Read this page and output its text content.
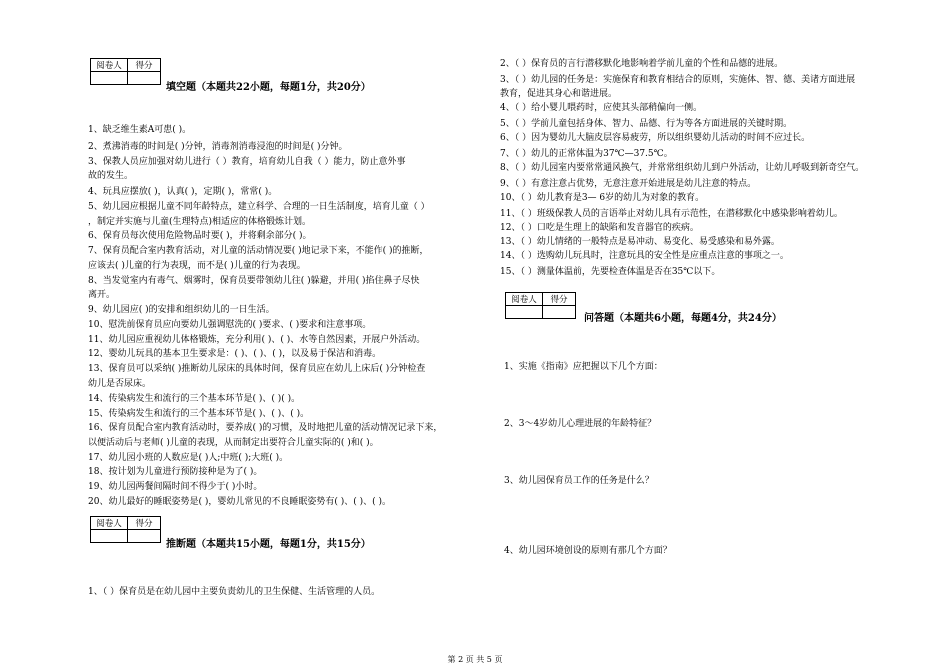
阅卷人	得分

填空题（本题共22小题，每题1分，共20分）
1、缺乏维生素A可患( )。
2、煮沸消毒的时间是( )分钟，消毒剂消毒浸泡的时间是( )分钟。
3、保教人员应加强对幼儿进行（ ）教育，培育幼儿自我（ ）能力，防止意外事
故的发生。
4、玩具应摆放( )，认真( )，定期( )，常常( )。
5、幼儿园应根据儿童不同年龄特点，建立科学、合理的一日生活制度，培育儿童（ ）
，制定并实施与儿童(生理特点)相适应的体格锻炼计划。
6、保育员每次使用危险物品时要( )，并将剩余部分( )。
7、保育员配合室内教育活动，对儿童的活动情况要( )地记录下来，不能作( )的推断，
应该去( )儿童的行为表现，而不是( )儿童的行为表现。
8、当发觉室内有毒气、烟雾时，保育员要带领幼儿往( )躲避，并用( )掐住鼻子尽快
离开。
9、幼儿园应( )的安排和组织幼儿的一日生活。
10、慰洗前保育员应向要幼儿强调慰洗的( )要求、( )要求和注意事项。
11、幼儿园应重视幼儿体格锻炼，充分利用( )、( )、水等自然因素，开展户外活动。
12、婴幼儿玩具的基本卫生要求是：( )、( )、( )，以及易于保洁和消毒。
13、保育员可以采纳( )推断幼儿尿床的具体时间，保育员应在幼儿上床后( )分钟检查
幼儿是否尿床。
14、传染病发生和流行的三个基本环节是( )、( )( )。
15、传染病发生和流行的三个基本环节是( )、( )、( )。
16、保育员配合室内教育活动时，要养成( )的习惯，及时地把儿童的活动情况记录下来，
以便活动后与老师( )儿童的表现，从而制定出要符合儿童实际的( )和( )。
17、幼儿园小班的人数应是( )人;中班( );大班( )。
18、按计划为儿童进行预防接种是为了( )。
19、幼儿园两餐间隔时间不得少于( )小时。
20、幼儿最好的睡眠姿势是( )，婴幼儿常见的不良睡眠姿势有( )、( )、( )。
阅卷人	得分

推断题（本题共15小题，每题1分，共15分）
1、（ ）保育员是在幼儿园中主要负责幼儿的卫生保健、生活管理的人员。
2、（ ）保育员的言行潜移默化地影响着学前儿童的个性和品德的进展。
3、（ ）幼儿园的任务是：实施保育和教育相结合的原则，实施体、智、德、美诸方面进展
教育，促进其身心和谐进展。
4、（ ）给小婴儿喂药时，应使其头部稍偏向一侧。
5、（ ）学前儿童包括身体、智力、品德、行为等各方面进展的关键时期。
6、（ ）因为婴幼儿大脑皮层容易疲劳，所以组织婴幼儿活动的时间不应过长。
7、（ ）幼儿的正常体温为37℃—37.5℃。
8、（ ）幼儿园室内要常常通风换气，并常常组织幼儿到户外活动，让幼儿呼吸到新奇空气。
9、（ ）有意注意占优势，无意注意开始进展是幼儿注意的特点。
10、（ ）幼儿教育是3— 6岁的幼儿为对象的教育。
11、（ ）班级保教人员的言语举止对幼儿具有示范性，在潜移默化中感染影响着幼儿。
12、（ ）口吃是生理上的缺陷和发音器官的疾病。
13、（ ）幼儿情绪的一般特点是易冲动、易变化、易受感染和易外露。
14、（ ）选购幼儿玩具时，注意玩具的安全性是应重点注意的事项之一。
15、（ ）测量体温前，先要检查体温是否在35℃以下。
阅卷人	得分

问答题（本题共6小题，每题4分，共24分）
1、实施《指南》应把握以下几个方面：
2、3～4岁幼儿心理进展的年龄特征？
3、幼儿园保育员工作的任务是什么？
4、幼儿园环境创设的原则有那几个方面？
第 2 页 共 5 页
